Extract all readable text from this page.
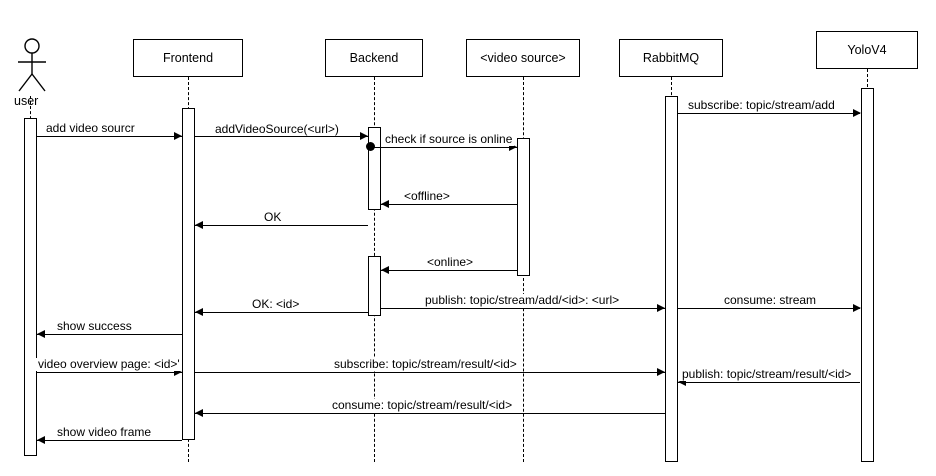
user
Frontend	Backend	<video source>	RabbitMQ
YoloV4
subscribe: topic/stream/add
add video sourcr	addVideoSource(<url>)
check if source is online
<offline>
OK
<online>
OK: <id>	publish: topic/stream/add/<id>: <url>	consume: stream
show success
video overview page: <id>'	subscribe: topic/stream/result/<id>
publish: topic/stream/result/<id>
consume: topic/stream/result/<id>
show video frame
